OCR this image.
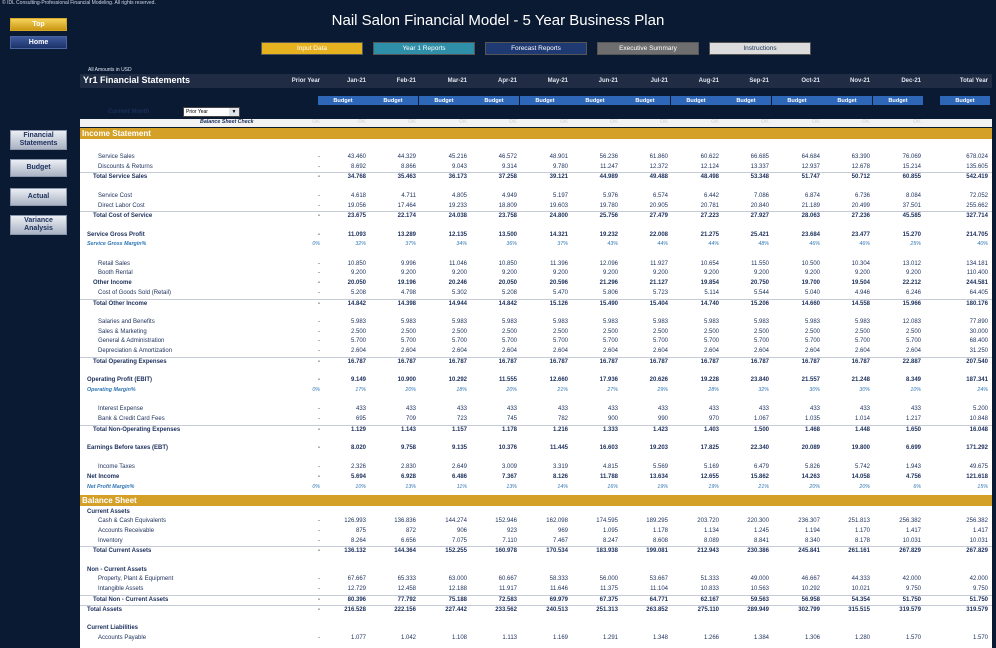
© IDL Consulting-Professional Financial Modeling. All rights reserved.
Top
Home
Nail Salon Financial Model - 5 Year Business Plan
Input Data	Year 1 Reports	Forecast Reports	Executive Summary	Instructions
Financial Statements
Budget
Actual
Variance Analysis
All Amounts in USD
Yr1 Financial Statements	Prior Year	Jan-21	Feb-21	Mar-21	Apr-21	May-21	Jun-21	Jul-21	Aug-21	Sep-21	Oct-21	Nov-21	Dec-21	Total Year
Budget	Budget	Budget	Budget	Budget	Budget	Budget	Budget	Budget	Budget	Budget	Budget	Budget
Current Month	Prior Year	▼
Balance Sheet Check	OK	OK	OK	OK	OK	OK	OK	OK	OK	OK	OK	OK	OK
Income Statement
Service Sales	-	43.460	44.329	45.216	46.572	48.901	56.236	61.860	60.622	66.685	64.684	63.390	76.069	678.024
Discounts & Returns	-	8.692	8.866	9.043	9.314	9.780	11.247	12.372	12.124	13.337	12.937	12.678	15.214	135.605
Total Service Sales	-	34.768	35.463	36.173	37.258	39.121	44.989	49.488	48.498	53.348	51.747	50.712	60.855	542.419
Service Cost	-	4.618	4.711	4.805	4.949	5.197	5.976	6.574	6.442	7.086	6.874	6.736	8.084	72.052
Direct Labor Cost	-	19.056	17.464	19.233	18.809	19.603	19.780	20.905	20.781	20.840	21.189	20.499	37.501	255.662
Total Cost of Service	-	23.675	22.174	24.038	23.758	24.800	25.756	27.479	27.223	27.927	28.063	27.236	45.585	327.714
Service Gross Profit	-	11.093	13.289	12.135	13.500	14.321	19.232	22.008	21.275	25.421	23.684	23.477	15.270	214.705
Service Gross Margin%	0%	32%	37%	34%	36%	37%	43%	44%	44%	48%	46%	46%	25%	40%
Retail Sales	-	10.850	9.996	11.046	10.850	11.396	12.096	11.927	10.654	11.550	10.500	10.304	13.012	134.181
Booth Rental	-	9.200	9.200	9.200	9.200	9.200	9.200	9.200	9.200	9.200	9.200	9.200	9.200	110.400
Other Income	-	20.050	19.196	20.246	20.050	20.596	21.296	21.127	19.854	20.750	19.700	19.504	22.212	244.581
Cost of Goods Sold (Retail)	-	5.208	4.798	5.302	5.208	5.470	5.806	5.723	5.114	5.544	5.040	4.946	6.246	64.405
Total Other Income	-	14.842	14.398	14.944	14.842	15.126	15.490	15.404	14.740	15.206	14.660	14.558	15.966	180.176
Salaries and Benefits	-	5.983	5.983	5.983	5.983	5.983	5.983	5.983	5.983	5.983	5.983	5.983	12.083	77.890
Sales & Marketing	-	2.500	2.500	2.500	2.500	2.500	2.500	2.500	2.500	2.500	2.500	2.500	2.500	30.000
General & Administration	-	5.700	5.700	5.700	5.700	5.700	5.700	5.700	5.700	5.700	5.700	5.700	5.700	68.400
Depreciation & Amortization	-	2.604	2.604	2.604	2.604	2.604	2.604	2.604	2.604	2.604	2.604	2.604	2.604	31.250
Total Operating Expenses	-	16.787	16.787	16.787	16.787	16.787	16.787	16.787	16.787	16.787	16.787	16.787	22.887	207.540
Operating Profit (EBIT)	-	9.149	10.900	10.292	11.555	12.660	17.936	20.626	19.228	23.840	21.557	21.248	8.349	187.341
Operating Margin%	0%	17%	20%	18%	20%	21%	27%	29%	28%	32%	30%	30%	10%	24%
Interest Expense	-	433	433	433	433	433	433	433	433	433	433	433	433	5.200
Bank & Credit Card Fees	-	695	709	723	745	782	900	990	970	1.067	1.035	1.014	1.217	10.848
Total Non-Operating Expenses	-	1.129	1.143	1.157	1.178	1.216	1.333	1.423	1.403	1.500	1.468	1.448	1.650	16.048
Earnings Before taxes (EBT)	-	8.020	9.758	9.135	10.376	11.445	16.603	19.203	17.825	22.340	20.089	19.800	6.699	171.292
Income Taxes	-	2.326	2.830	2.649	3.009	3.319	4.815	5.569	5.169	6.479	5.826	5.742	1.943	49.675
Net Income	-	5.694	6.928	6.486	7.367	8.126	11.788	13.634	12.655	15.862	14.263	14.058	4.756	121.618
Net Profit Margin%	0%	10%	13%	11%	13%	14%	16%	19%	19%	21%	20%	20%	6%	15%
Balance Sheet
Current Assets
Cash & Cash Equivalents	-	126.993	136.836	144.274	152.946	162.098	174.595	189.295	203.720	220.300	236.307	251.813	256.382	256.382
Accounts Receivable	-	875	872	906	923	969	1.095	1.178	1.134	1.245	1.194	1.170	1.417	1.417
Inventory	-	8.264	6.656	7.075	7.110	7.467	8.247	8.608	8.089	8.841	8.340	8.178	10.031	10.031
Total Current Assets	-	136.132	144.364	152.255	160.978	170.534	183.938	199.081	212.943	230.386	245.841	261.161	267.829	267.829
Non - Current Assets
Property, Plant & Equipment	-	67.667	65.333	63.000	60.667	58.333	56.000	53.667	51.333	49.000	46.667	44.333	42.000	42.000
Intangible Assets	-	12.729	12.458	12.188	11.917	11.646	11.375	11.104	10.833	10.563	10.292	10.021	9.750	9.750
Total Non - Current Assets	-	80.396	77.792	75.188	72.583	69.979	67.375	64.771	62.167	59.563	56.958	54.354	51.750	51.750
Total Assets	-	216.528	222.156	227.442	233.562	240.513	251.313	263.852	275.110	289.949	302.799	315.515	319.579	319.579
Current Liabilities
Accounts Payable	-	1.077	1.042	1.108	1.113	1.169	1.291	1.348	1.266	1.384	1.306	1.280	1.570	1.570
